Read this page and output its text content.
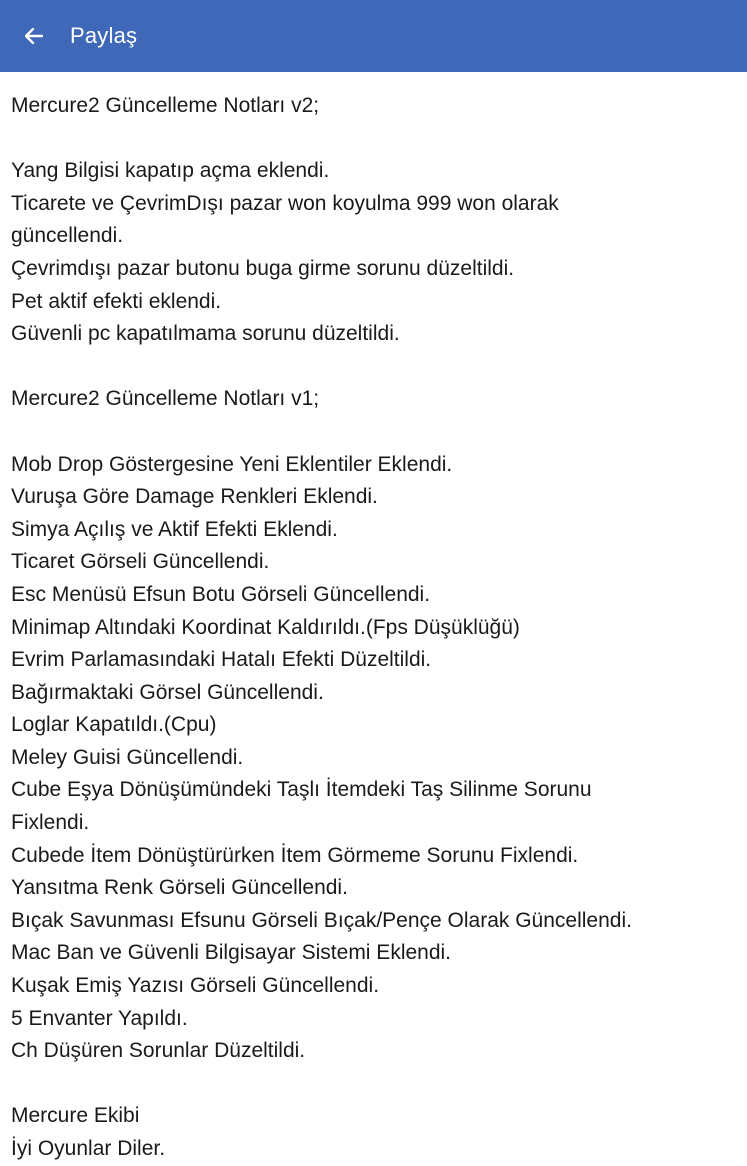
Paylaş
Mercure2 Güncelleme Notları v2;
Yang Bilgisi kapatıp açma eklendi.
Ticarete ve ÇevrimDışı pazar won koyulma 999 won olarak
güncellendi.
Çevrimdışı pazar butonu buga girme sorunu düzeltildi.
Pet aktif efekti eklendi.
Güvenli pc kapatılmama sorunu düzeltildi.
Mercure2 Güncelleme Notları v1;
Mob Drop Göstergesine Yeni Eklentiler Eklendi.
Vuruşa Göre Damage Renkleri Eklendi.
Simya Açılış ve Aktif Efekti Eklendi.
Ticaret Görseli Güncellendi.
Esc Menüsü Efsun Botu Görseli Güncellendi.
Minimap Altındaki Koordinat Kaldırıldı.(Fps Düşüklüğü)
Evrim Parlamasındaki Hatalı Efekti Düzeltildi.
Bağırmaktaki Görsel Güncellendi.
Loglar Kapatıldı.(Cpu)
Meley Guisi Güncellendi.
Cube Eşya Dönüşümündeki Taşlı İtemdeki Taş Silinme Sorunu
Fixlendi.
Cubede İtem Dönüştürürken İtem Görmeme Sorunu Fixlendi.
Yansıtma Renk Görseli Güncellendi.
Bıçak Savunması Efsunu Görseli Bıçak/Pençe Olarak Güncellendi.
Mac Ban ve Güvenli Bilgisayar Sistemi Eklendi.
Kuşak Emiş Yazısı Görseli Güncellendi.
5 Envanter Yapıldı.
Ch Düşüren Sorunlar Düzeltildi.
Mercure Ekibi
İyi Oyunlar Diler.
